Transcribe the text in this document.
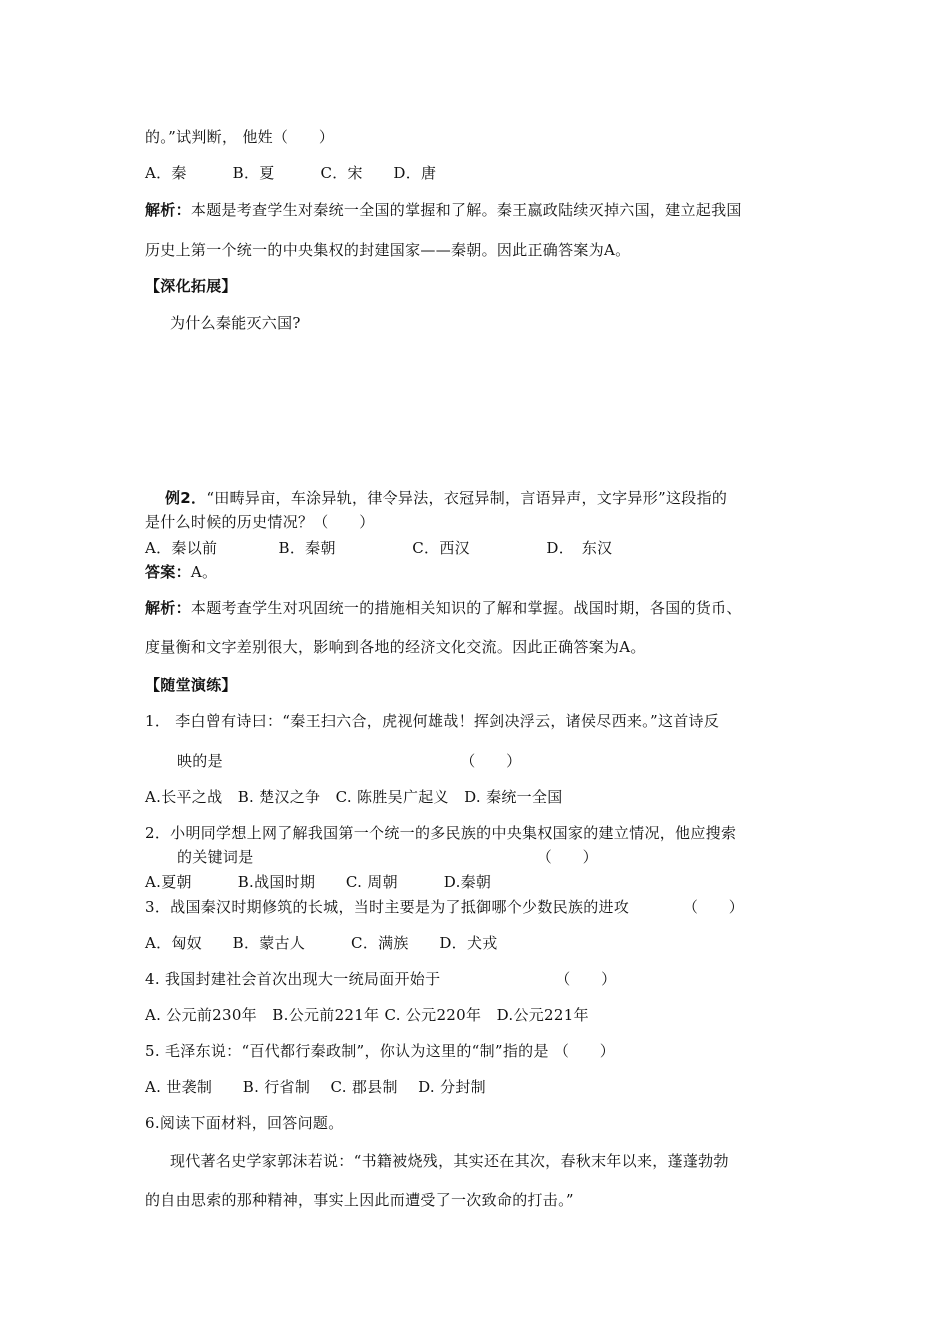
的。”试判断， 他姓（　　）
A．秦　　　B．夏　　　C．宋　　D．唐
解析：本题是考查学生对秦统一全国的掌握和了解。秦王嬴政陆续灭掉六国，建立起我国
历史上第一个统一的中央集权的封建国家——秦朝。因此正确答案为A。
【深化拓展】
为什么秦能灭六国?
例2．“田畴异亩，车涂异轨，律令异法，衣冠异制，言语异声，文字异形”这段指的
是什么时候的历史情况？（　　）
A．秦以前　　　　B．秦朝　　　　　C．西汉　　　　　D．　东汉
答案：A。
解析：本题考查学生对巩固统一的措施相关知识的了解和掌握。战国时期，各国的货币、
度量衡和文字差别很大，影响到各地的经济文化交流。因此正确答案为A。
【随堂演练】
1． 李白曾有诗曰：“秦王扫六合，虎视何雄哉！挥剑决浮云，诸侯尽西来。”这首诗反
映的是　　　　　　　　　　　　　　　　（　　）
A.长平之战　B. 楚汉之争　C. 陈胜吴广起义　D. 秦统一全国
2．小明同学想上网了解我国第一个统一的多民族的中央集权国家的建立情况，他应搜索
的关键词是　　　　　　　　　　　　　　　　　　　（　　）
A.夏朝　　　B.战国时期　　C. 周朝　　　D.秦朝
3．战国秦汉时期修筑的长城，当时主要是为了抵御哪个少数民族的进攻　　　　（　　）
A．匈奴　　B．蒙古人　　　C．满族　　D．犬戎
4. 我国封建社会首次出现大一统局面开始于　　　　　　　　（　　）
A. 公元前230年　B.公元前221年 C. 公元220年　D.公元221年
5. 毛泽东说：“百代都行秦政制”，你认为这里的“制”指的是 （　　）
A. 世袭制　　B. 行省制　 C. 郡县制　 D. 分封制
6.阅读下面材料，回答问题。
现代著名史学家郭沫若说：“书籍被烧残，其实还在其次，春秋末年以来，蓬蓬勃勃
的自由思索的那种精神，事实上因此而遭受了一次致命的打击。”
